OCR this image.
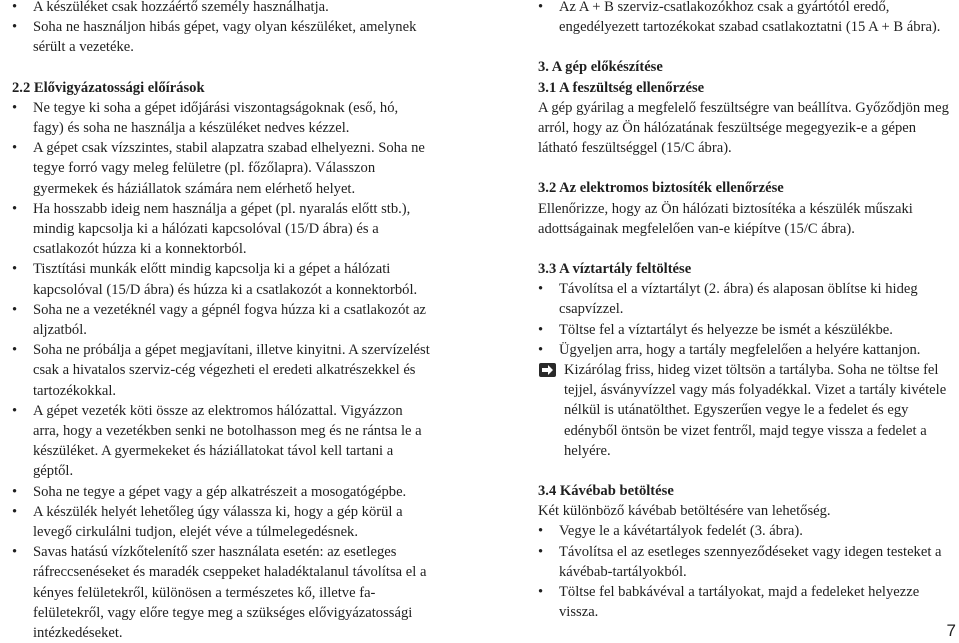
• A készüléket csak hozzáértő személy használhatja.

• Soha ne használjon hibás gépet, vagy olyan készüléket, amelynek sérült a vezetéke.

2.2 Elővigyázatossági előírások

• Ne tegye ki soha a gépet időjárási viszontagságoknak (eső, hó, fagy) és soha ne használja a készüléket nedves kézzel.

• A gépet csak vízszintes, stabil alapzatra szabad elhelyezni. Soha ne tegye forró vagy meleg felületre (pl. főzőlapra). Válasszon gyermekek és háziállatok számára nem elérhető helyet.

• Ha hosszabb ideig nem használja a gépet (pl. nyaralás előtt stb.), mindig kapcsolja ki a hálózati kapcsolóval (15/D ábra) és a csatlakozót húzza ki a konnektorból.

• Tisztítási munkák előtt mindig kapcsolja ki a gépet a hálózati kapcsolóval (15/D ábra) és húzza ki a csatlakozót a konnektorból.

• Soha ne a vezetéknél vagy a gépnél fogva húzza ki a csatlakozót az aljzatból.

• Soha ne próbálja a gépet megjavítani, illetve kinyitni. A szervízelést csak a hivatalos szerviz-cég végezheti el eredeti alkatrészekkel és tartozékokkal.

• A gépet vezeték köti össze az elektromos hálózattal. Vigyázzon arra, hogy a vezetékben senki ne botolhasson meg és ne rántsa le a készüléket. A gyermekeket és háziállatokat távol kell tartani a géptől.

• Soha ne tegye a gépet vagy a gép alkatrészeit a mosogatógépbe.

• A készülék helyét lehetőleg úgy válassza ki, hogy a gép körül a levegő cirkulálni tudjon, elejét véve a túlmelegedésnek.

• Savas hatású vízkőtelenítő szer használata esetén: az esetleges ráfreccsenéseket és maradék cseppeket haladéktalanul távolítsa el a kényes felületekről, különösen a természetes kő, illetve fa-felületekről, vagy előre tegye meg a szükséges elővigyázatossági intézkedéseket.

• Az A + B szerviz-csatlakozókhoz csak a gyártótól eredő, engedélyezett tartozékokat szabad csatlakoztatni (15 A + B ábra).

3. A gép előkészítése

3.1 A feszültség ellenőrzése

A gép gyárilag a megfelelő feszültségre van beállítva. Győződjön meg arról, hogy az Ön hálózatának feszültsége megegyezik-e a gépen látható feszültséggel (15/C ábra).

3.2 Az elektromos biztosíték ellenőrzése

Ellenőrizze, hogy az Ön hálózati biztosítéka a készülék műszaki adottságainak megfelelően van-e kiépítve (15/C ábra).

3.3 A víztartály feltöltése

• Távolítsa el a víztartályt (2. ábra) és alaposan öblítse ki hideg csapvízzel.

• Töltse fel a víztartályt és helyezze be ismét a készülékbe.

• Ügyeljen arra, hogy a tartály megfelelően a helyére kattanjon.

Kizárólag friss, hideg vizet töltsön a tartályba. Soha ne töltse fel tejjel, ásványvízzel vagy más folyadékkal. Vizet a tartály kivétele nélkül is utánatölthet. Egyszerűen vegye le a fedelet és egy edényből öntsön be vizet fentről, majd tegye vissza a fedelet a helyére.

3.4 Kávébab betöltése

Két különböző kávébab betöltésére van lehetőség.

• Vegye le a kávétartályok fedelét (3. ábra).

• Távolítsa el az esetleges szennyeződéseket vagy idegen testeket a kávébab-tartályokból.

• Töltse fel babkávéval a tartályokat, majd a fedeleket helyezze vissza.

7
